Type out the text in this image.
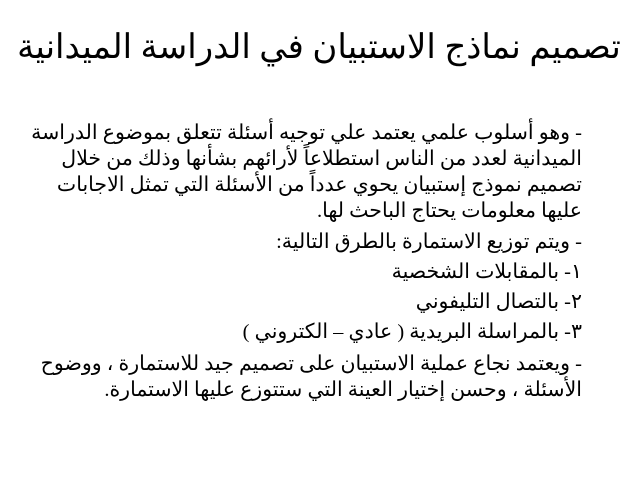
تصميم نماذج الاستبيان في الدراسة الميدانية

- وهو أسلوب علمي يعتمد علي توجيه أسئلة تتعلق بموضوع الدراسة

الميدانية لعدد من الناس استطلاعاً لأرائهم بشأنها وذلك من خلال

تصميم نموذج إستبيان يحوي عدداً من الأسئلة التي تمثل الاجابات

عليها معلومات يحتاج الباحث لها.

- ويتم توزيع الاستمارة بالطرق التالية:

١- بالمقابلات الشخصية

٢- بالتصال التليفوني

٣- بالمراسلة البريدية ( عادي – الكتروني )

- ويعتمد نجاع عملية الاستبيان على تصميم جيد للاستمارة ، ووضوح

الأسئلة ، وحسن إختيار العينة التي ستتوزع عليها الاستمارة.
